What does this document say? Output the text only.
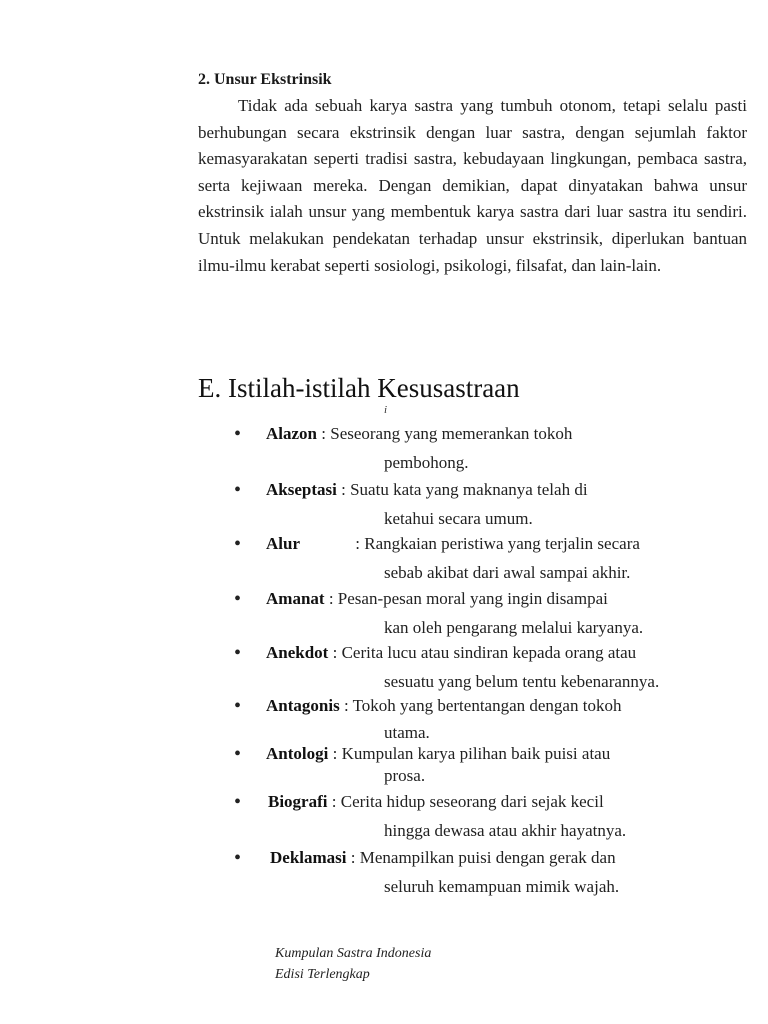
2. Unsur Ekstrinsik

Tidak ada sebuah karya sastra yang tumbuh otonom, tetapi selalu pasti berhubungan secara ekstrinsik dengan luar sastra, dengan sejumlah faktor kemasyarakatan seperti tradisi sastra, kebudayaan lingkungan, pembaca sastra, serta kejiwaan mereka. Dengan demikian, dapat dinyatakan bahwa unsur ekstrinsik ialah unsur yang membentuk karya sastra dari luar sastra itu sendiri. Untuk melakukan pendekatan terhadap unsur ekstrinsik, diperlukan bantuan ilmu-ilmu kerabat seperti sosiologi, psikologi, filsafat, dan lain-lain.

E. Istilah-istilah Kesusastraan
i
• Alazon : Seseorang yang memerankan tokoh
pembohong.
• Akseptasi : Suatu kata yang maknanya telah di
ketahui secara umum.
• Alur             : Rangkaian peristiwa yang terjalin secara
sebab akibat dari awal sampai akhir.
• Amanat : Pesan-pesan moral yang ingin disampai
kan oleh pengarang melalui karyanya.
• Anekdot : Cerita lucu atau sindiran kepada orang atau
sesuatu yang belum tentu kebenarannya.
• Antagonis : Tokoh yang bertentangan dengan tokoh
utama.
• Antologi : Kumpulan karya pilihan baik puisi atau
prosa.
• Biografi : Cerita hidup seseorang dari sejak kecil
hingga dewasa atau akhir hayatnya.
• Deklamasi : Menampilkan puisi dengan gerak dan
seluruh kemampuan mimik wajah.
Kumpulan Sastra Indonesia
Edisi Terlengkap
